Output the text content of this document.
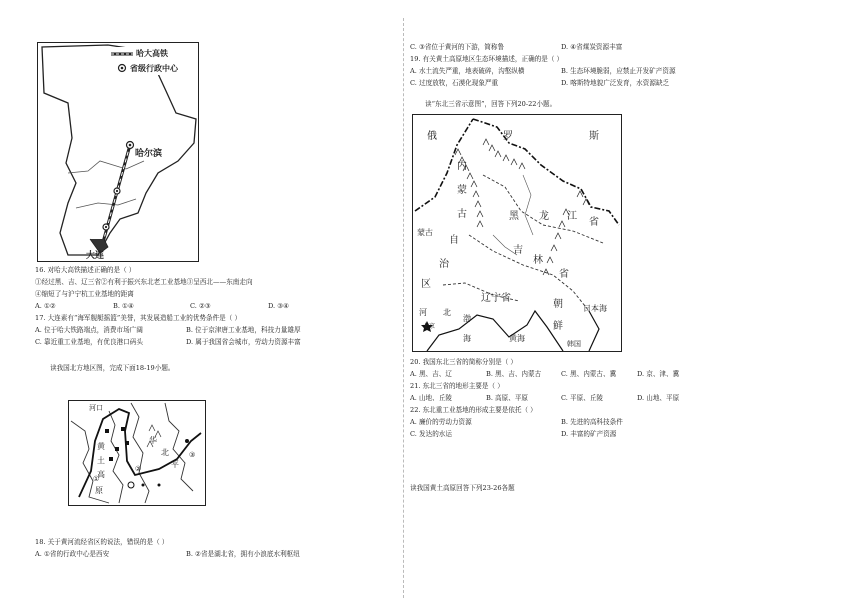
哈大高铁
省级行政中心
哈尔滨
大连
16. 对哈大高铁描述正确的是（ ）
①经过黑、吉、辽三省②有利于振兴东北老工业基地③呈西北——东南走向
④缩短了与沪宁杭工业基地的距离
A. ①②	B. ①④	C. ②③	D. ③④
17. 大连素有“海军舰艇摇篮”美誉，其发展造船工业的优势条件是（ ）
A. 位于哈大铁路端点，消费市场广阔	B. 位于京津唐工业基地，科技力量雄厚
C. 靠近重工业基地，有优良港口码头	D. 属于我国省会城市，劳动力资源丰富
读我国北方地区图，完成下面18-19小题。
河口
黄
土
高
原
华
北
平
①
②
③
18. 关于黄河流经省区的说法，错误的是（ ）
A. ①省的行政中心是西安	B. ②省是湖北省，拥有小浪底水利枢纽
C. ③省位于黄河的下游，简称鲁	D. ④省煤炭资源丰富
19. 有关黄土高原地区生态环境描述，正确的是（ ）
A. 水土流失严重，地表破碎，沟壑纵横	B. 生态环境脆弱，应禁止开发矿产资源
C. 过度放牧，石漠化现象严重	D. 喀斯特地貌广泛发育，水资源缺乏
读“东北三省示意图”，回答下列20-22小题。
俄	罗	斯
内
蒙
古
自
治
区
黑 龙 江
省
吉
林
省
蒙古
辽宁省
朝
鲜
日本海
河 北
北京
渤
海	黄海
韩国
20. 我国东北三省的简称分别是（ ）
A. 黑、吉、辽	B. 黑、吉、内蒙古	C. 黑、内蒙古、冀	D. 京、津、冀
21. 东北三省的地形主要是（ ）
A. 山地、丘陵	B. 高原、平原	C. 平原、丘陵	D. 山地、平原
22. 东北重工业基地的形成主要是依托（ ）
A. 廉价的劳动力资源	B. 先进的高科技条件
C. 发达的水运	D. 丰富的矿产资源
读我国黄土高原回答下列23-26各题
